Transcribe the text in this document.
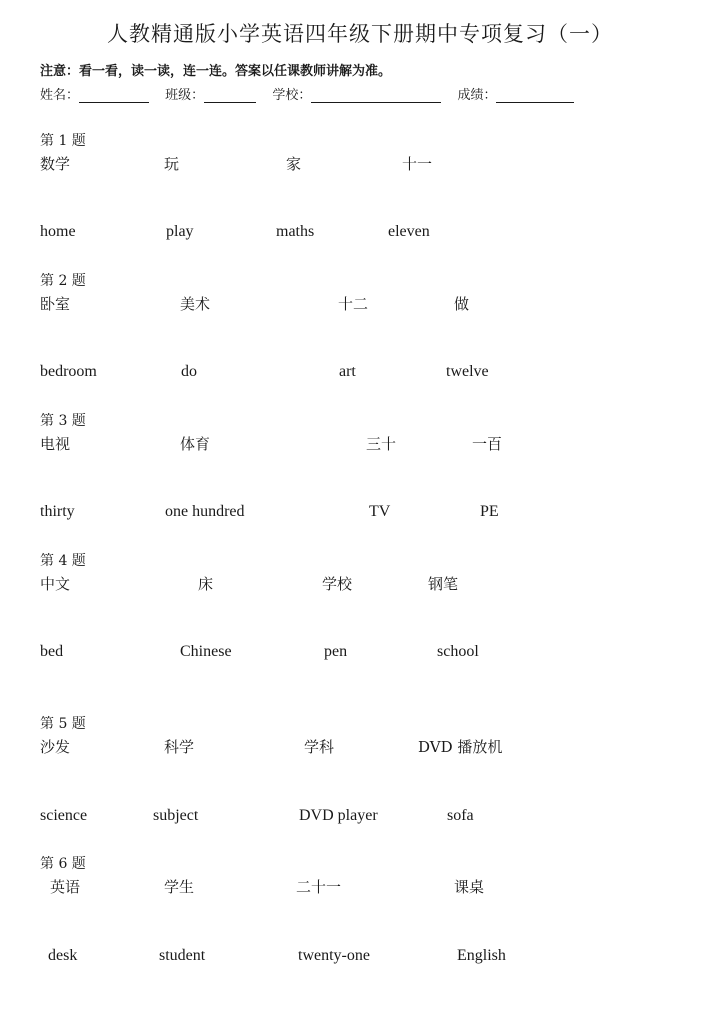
人教精通版小学英语四年级下册期中专项复习（一）
注意：看一看，读一读，连一连。答案以任课教师讲解为准。
姓名：	班级：	学校：	成绩：
第 1 题
数学	玩	家	十一
home	play	maths	eleven
第 2 题
卧室	美术	十二	做
bedroom	do	art	twelve
第 3 题
电视	体育	三十	一百
thirty	one hundred	TV	PE
第 4 题
中文	床	学校	钢笔
bed	Chinese	pen	school
第 5 题
沙发	科学	学科	DVD 播放机
science	subject	DVD player	sofa
第 6 题
英语	学生	二十一	课桌
desk	student	twenty-one	English
